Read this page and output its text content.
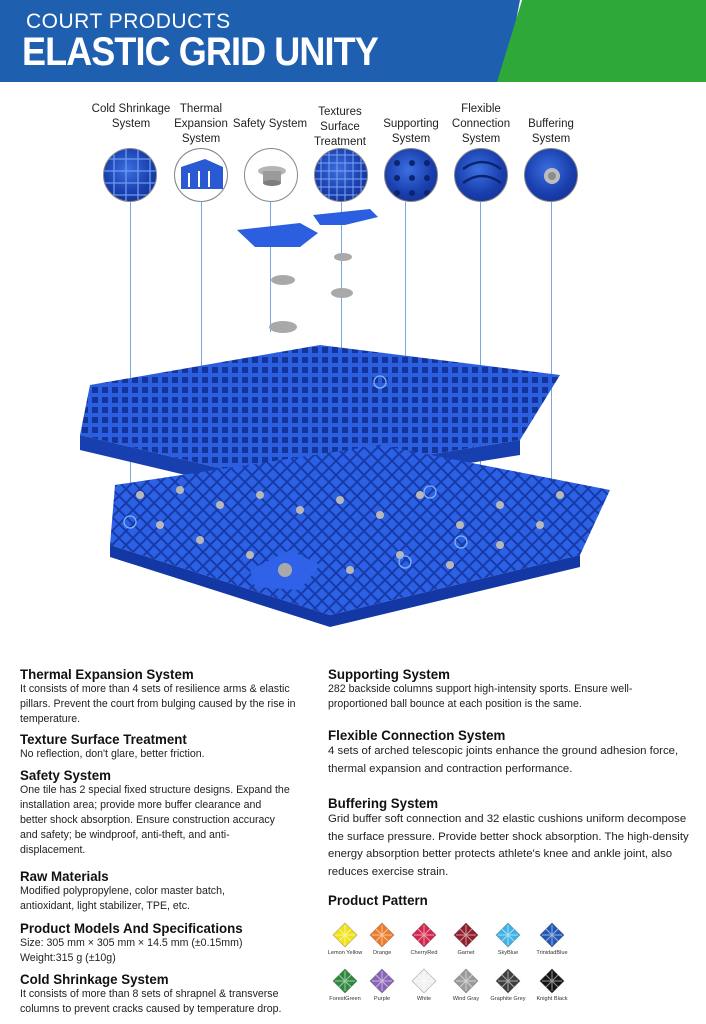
COURT PRODUCTS
ELASTIC GRID UNITY
Cold Shrinkage System
Thermal Expansion System
Safety System
Textures Surface Treatment
Supporting System
Flexible Connection System
Buffering System
Thermal Expansion System

It consists of more than 4 sets of resilience arms & elastic pillars. Prevent the court from bulging caused by the rise in temperature.

Texture Surface Treatment

No reflection, don't glare, better friction.

Safety System

One tile has 2 special fixed structure designs. Expand the installation area; provide more buffer clearance and better shock absorption. Ensure construction accuracy and safety; be windproof, anti-theft, and anti-displacement.

Raw Materials

Modified polypropylene, color master batch, antioxidant, light stabilizer, TPE, etc.

Product Models And Specifications

Size: 305 mm × 305 mm × 14.5 mm (±0.15mm)

Weight:315 g (±10g)

Cold Shrinkage System

It consists of more than 8 sets of shrapnel & transverse columns to prevent cracks caused by temperature drop.

Supporting System

282 backside columns support high-intensity sports. Ensure well-proportioned ball bounce at each position is the same.

Flexible Connection System

4 sets of arched telescopic joints enhance the ground adhesion force, thermal expansion and contraction performance.

Buffering System

Grid buffer soft connection and 32 elastic cushions uniform decompose the surface pressure. Provide better shock absorption. The high-density energy absorption better protects athlete's knee and ankle joint, also reduces exercise strain.

Product Pattern
Lemon Yellow	Orange	CherryRed	Garnet	SkyBlue	TrinidadBlue
ForestGreen	Purple	White	Wind Gray	Graphite Grey	Knight Black
